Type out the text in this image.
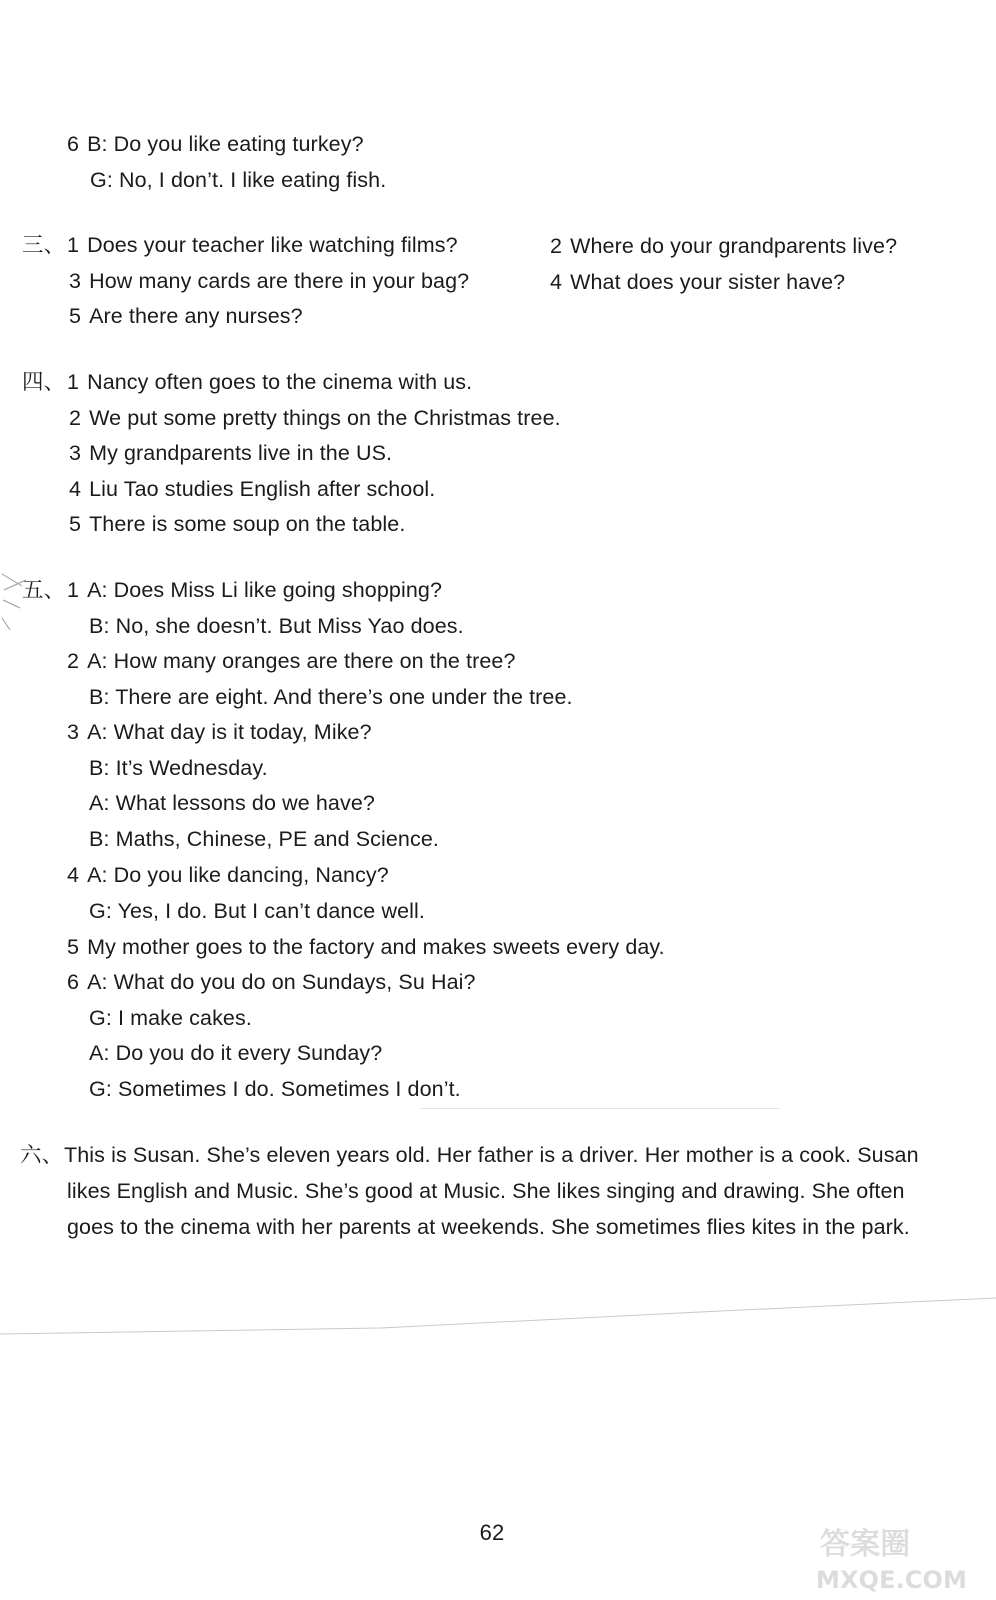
6 B: Do you like eating turkey?
G: No, I don’t. I like eating fish.
三、 1 Does your teacher like watching films?	2 Where do your grandparents live?
3 How many cards are there in your bag?	4 What does your sister have?
5 Are there any nurses?
四、 1 Nancy often goes to the cinema with us.
2 We put some pretty things on the Christmas tree.
3 My grandparents live in the US.
4 Liu Tao studies English after school.
5 There is some soup on the table.
五、 1 A: Does Miss Li like going shopping?
B: No, she doesn’t. But Miss Yao does.
2 A: How many oranges are there on the tree?
B: There are eight. And there’s one under the tree.
3 A: What day is it today, Mike?
B: It’s Wednesday.
A: What lessons do we have?
B: Maths, Chinese, PE and Science.
4 A: Do you like dancing, Nancy?
G: Yes, I do. But I can’t dance well.
5 My mother goes to the factory and makes sweets every day.
6 A: What do you do on Sundays, Su Hai?
G: I make cakes.
A: Do you do it every Sunday?
G: Sometimes I do. Sometimes I don’t.
六、 This is Susan. She’s eleven years old. Her father is a driver. Her mother is a cook. Susan
likes English and Music. She’s good at Music. She likes singing and drawing. She often
goes to the cinema with her parents at weekends. She sometimes flies kites in the park.
62	答案圈
MXQE.COM
